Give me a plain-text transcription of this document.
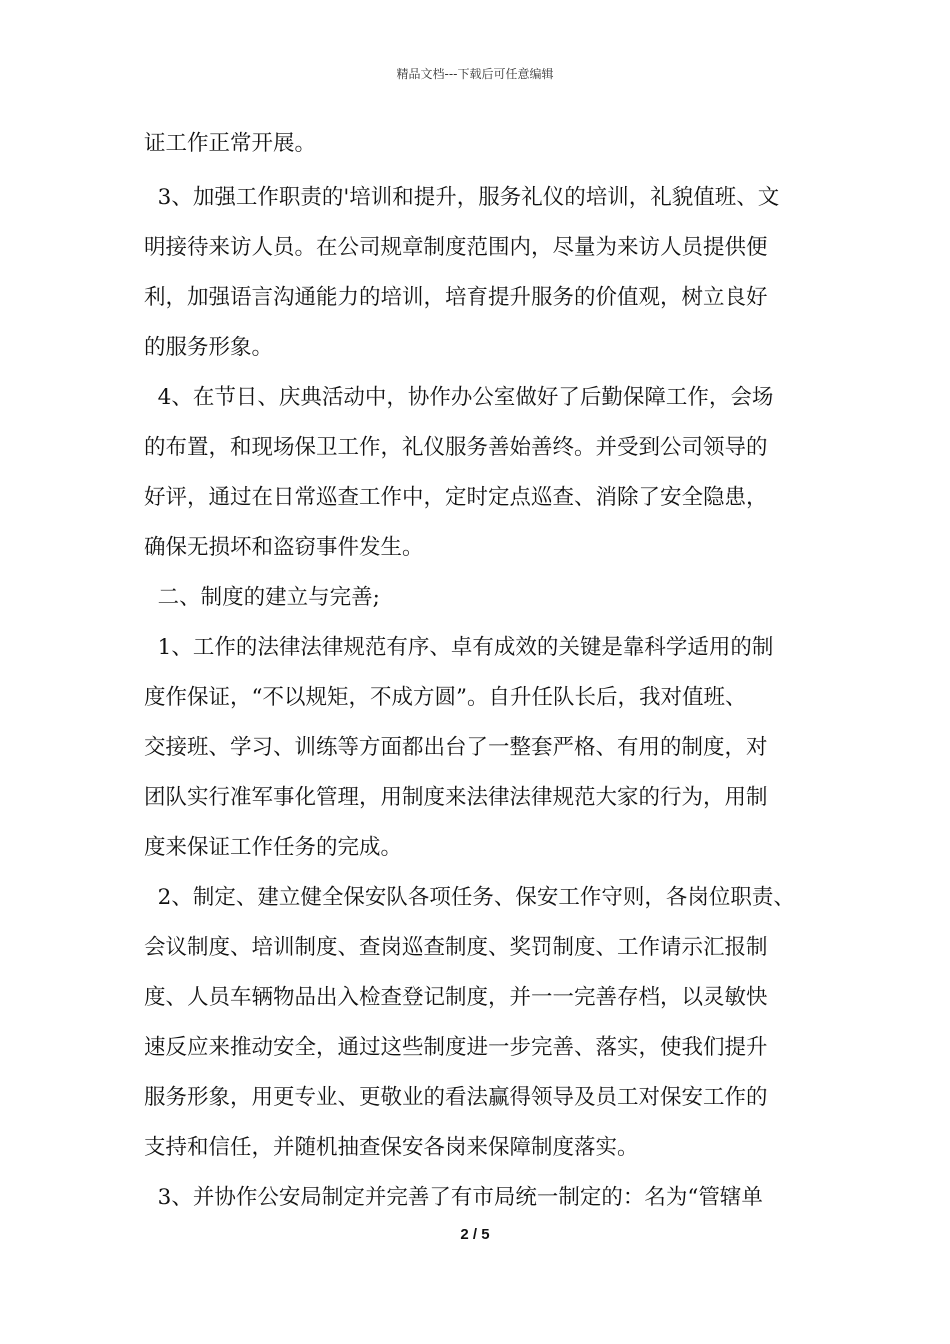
精品文档---下载后可任意编辑
证工作正常开展。
3、加强工作职责的'培训和提升，服务礼仪的培训，礼貌值班、文
明接待来访人员。在公司规章制度范围内，尽量为来访人员提供便
利，加强语言沟通能力的培训，培育提升服务的价值观，树立良好
的服务形象。
4、在节日、庆典活动中，协作办公室做好了后勤保障工作，会场
的布置，和现场保卫工作，礼仪服务善始善终。并受到公司领导的
好评，通过在日常巡查工作中，定时定点巡查、消除了安全隐患，
确保无损坏和盗窃事件发生。
二、制度的建立与完善;
1、工作的法律法律规范有序、卓有成效的关键是靠科学适用的制
度作保证，“不以规矩，不成方圆”。自升任队长后，我对值班、
交接班、学习、训练等方面都出台了一整套严格、有用的制度，对
团队实行准军事化管理，用制度来法律法律规范大家的行为，用制
度来保证工作任务的完成。
2、制定、建立健全保安队各项任务、保安工作守则，各岗位职责、
会议制度、培训制度、查岗巡查制度、奖罚制度、工作请示汇报制
度、人员车辆物品出入检查登记制度，并一一完善存档，以灵敏快
速反应来推动安全，通过这些制度进一步完善、落实，使我们提升
服务形象，用更专业、更敬业的看法赢得领导及员工对保安工作的
支持和信任，并随机抽查保安各岗来保障制度落实。
3、并协作公安局制定并完善了有市局统一制定的：名为“管辖单
2 / 5
